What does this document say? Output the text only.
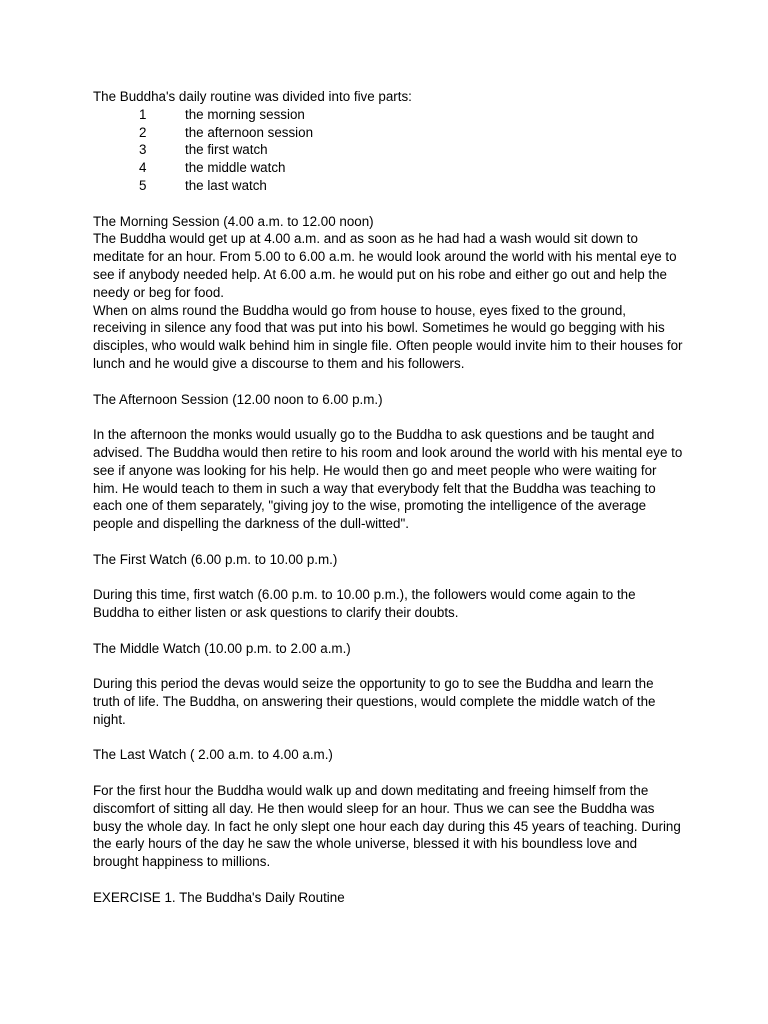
The Buddha's daily routine was divided into five parts:

1	the morning session
2	the afternoon session
3	the first watch
4	the middle watch
5	the last watch

The Morning Session (4.00 a.m. to 12.00 noon)

The Buddha would get up at 4.00 a.m. and as soon as he had had a wash would sit down to meditate for an hour. From 5.00 to 6.00 a.m. he would look around the world with his mental eye to see if anybody needed help. At 6.00 a.m. he would put on his robe and either go out and help the needy or beg for food.

When on alms round the Buddha would go from house to house, eyes fixed to the ground, receiving in silence any food that was put into his bowl. Sometimes he would go begging with his disciples, who would walk behind him in single file. Often people would invite him to their houses for lunch and he would give a discourse to them and his followers.

The Afternoon Session (12.00 noon to 6.00 p.m.)

In the afternoon the monks would usually go to the Buddha to ask questions and be taught and advised. The Buddha would then retire to his room and look around the world with his mental eye to see if anyone was looking for his help. He would then go and meet people who were waiting for him. He would teach to them in such a way that everybody felt that the Buddha was teaching to each one of them separately, "giving joy to the wise, promoting the intelligence of the average people and dispelling the darkness of the dull-witted".

The First Watch (6.00 p.m. to 10.00 p.m.)

During this time, first watch (6.00 p.m. to 10.00 p.m.), the followers would come again to the Buddha to either listen or ask questions to clarify their doubts.

The Middle Watch (10.00 p.m. to 2.00 a.m.)

During this period the devas would seize the opportunity to go to see the Buddha and learn the truth of life. The Buddha, on answering their questions, would complete the middle watch of the night.

The Last Watch ( 2.00 a.m. to 4.00 a.m.)

For the first hour the Buddha would walk up and down meditating and freeing himself from the discomfort of sitting all day. He then would sleep for an hour. Thus we can see the Buddha was busy the whole day. In fact he only slept one hour each day during this 45 years of teaching. During the early hours of the day he saw the whole universe, blessed it with his boundless love and brought happiness to millions.

EXERCISE 1. The Buddha's Daily Routine
